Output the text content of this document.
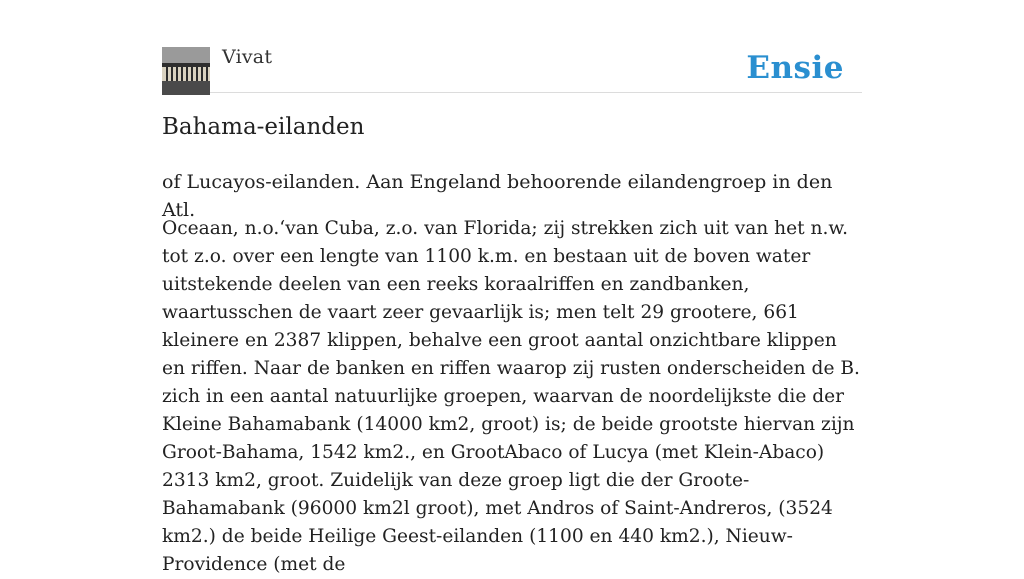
Vivat	Ensie
Bahama-eilanden

of Lucayos-eilanden. Aan Engeland behoorende eilandengroep in den Atl.

Oceaan, n.o.‘van Cuba, z.o. van Florida; zij strekken zich uit van het n.w. tot z.o. over een lengte van 1100 k.m. en bestaan uit de boven water uitstekende deelen van een reeks koraalriffen en zandbanken, waartusschen de vaart zeer gevaarlijk is; men telt 29 grootere, 661 kleinere en 2387 klippen, behalve een groot aantal onzichtbare klippen en riffen. Naar de banken en riffen waarop zij rusten onderscheiden de B. zich in een aantal natuurlijke groepen, waarvan de noordelijkste die der Kleine Bahamabank (14000 km2, groot) is; de beide grootste hiervan zijn Groot-Bahama, 1542 km2., en GrootAbaco of Lucya (met Klein-Abaco) 2313 km2, groot. Zuidelijk van deze groep ligt die der Groote-Bahamabank (96000 km2l groot), met Andros of Saint-Andreros, (3524 km2.) de beide Heilige Geest-eilanden (1100 en 440 km2.), Nieuw-Providence (met de
